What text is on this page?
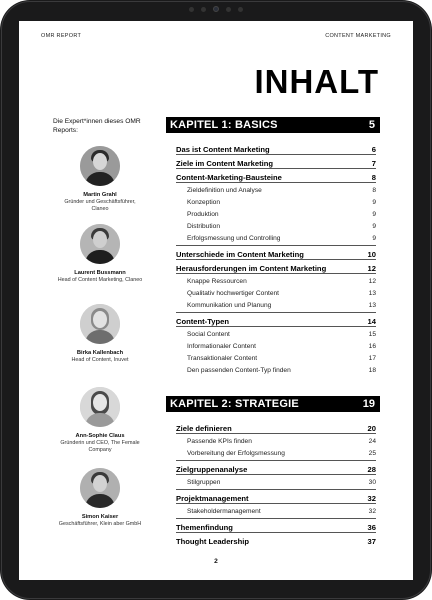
OMR REPORT	CONTENT MARKETING
INHALT
Die Expert*innen dieses OMR Reports:
Martin Grahl
Gründer und Geschäftsführer, Claneo
Laurent Bussmann
Head of Content Marketing, Claneo
Birka Kallenbach
Head of Content, Inuvet
Ann-Sophie Claus
Gründerin und CEO, The Female Company
Simon Kaiser
Geschäftsführer, Klein aber GmbH
KAPITEL 1: BASICS	5
Das ist Content Marketing	6
Ziele im Content Marketing	7
Content-Marketing-Bausteine	8
Zieldefinition und Analyse	8
Konzeption	9
Produktion	9
Distribution	9
Erfolgsmessung und Controlling	9
Unterschiede im Content Marketing	10
Herausforderungen im Content Marketing	12
Knappe Ressourcen	12
Qualitativ hochwertiger Content	13
Kommunikation und Planung	13
Content-Typen	14
Social Content	15
Informationaler Content	16
Transaktionaler Content	17
Den passenden Content-Typ finden	18
KAPITEL 2: STRATEGIE	19
Ziele definieren	20
Passende KPIs finden	24
Vorbereitung der Erfolgsmessung	25
Zielgruppenanalyse	28
Stilgruppen	30
Projektmanagement	32
Stakeholdermanagement	32
Themenfindung	36
Thought Leadership	37
2
